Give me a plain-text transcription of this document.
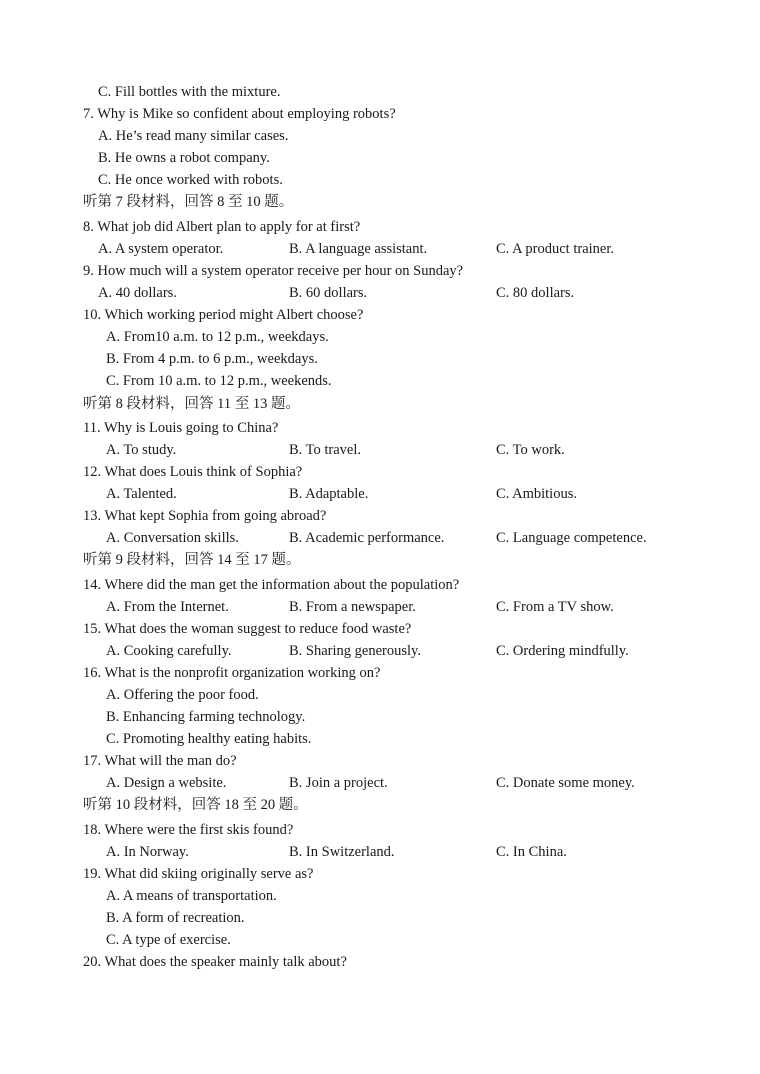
C. Fill bottles with the mixture.
7. Why is Mike so confident about employing robots?
A. He’s read many similar cases.
B. He owns a robot company.
C. He once worked with robots.
听第 7 段材料，回答 8 至 10 题。
8. What job did Albert plan to apply for at first?
A. A system operator.	B. A language assistant.	C. A product trainer.
9. How much will a system operator receive per hour on Sunday?
A. 40 dollars.	B. 60 dollars.	C. 80 dollars.
10. Which working period might Albert choose?
A. From10 a.m. to 12 p.m., weekdays.
B. From 4 p.m. to 6 p.m., weekdays.
C. From 10 a.m. to 12 p.m., weekends.
听第 8 段材料，回答 11 至 13 题。
11. Why is Louis going to China?
A. To study.	B. To travel.	C. To work.
12. What does Louis think of Sophia?
A. Talented.	B. Adaptable.	C. Ambitious.
13. What kept Sophia from going abroad?
A. Conversation skills.	B. Academic performance.	C. Language competence.
听第 9 段材料，回答 14 至 17 题。
14. Where did the man get the information about the population?
A. From the Internet.	B. From a newspaper.	C. From a TV show.
15. What does the woman suggest to reduce food waste?
A. Cooking carefully.	B. Sharing generously.	C. Ordering mindfully.
16. What is the nonprofit organization working on?
A. Offering the poor food.
B. Enhancing farming technology.
C. Promoting healthy eating habits.
17. What will the man do?
A. Design a website.	B. Join a project.	C. Donate some money.
听第 10 段材料，回答 18 至 20 题。
18. Where were the first skis found?
A. In Norway.	B. In Switzerland.	C. In China.
19. What did skiing originally serve as?
A. A means of transportation.
B. A form of recreation.
C. A type of exercise.
20. What does the speaker mainly talk about?
